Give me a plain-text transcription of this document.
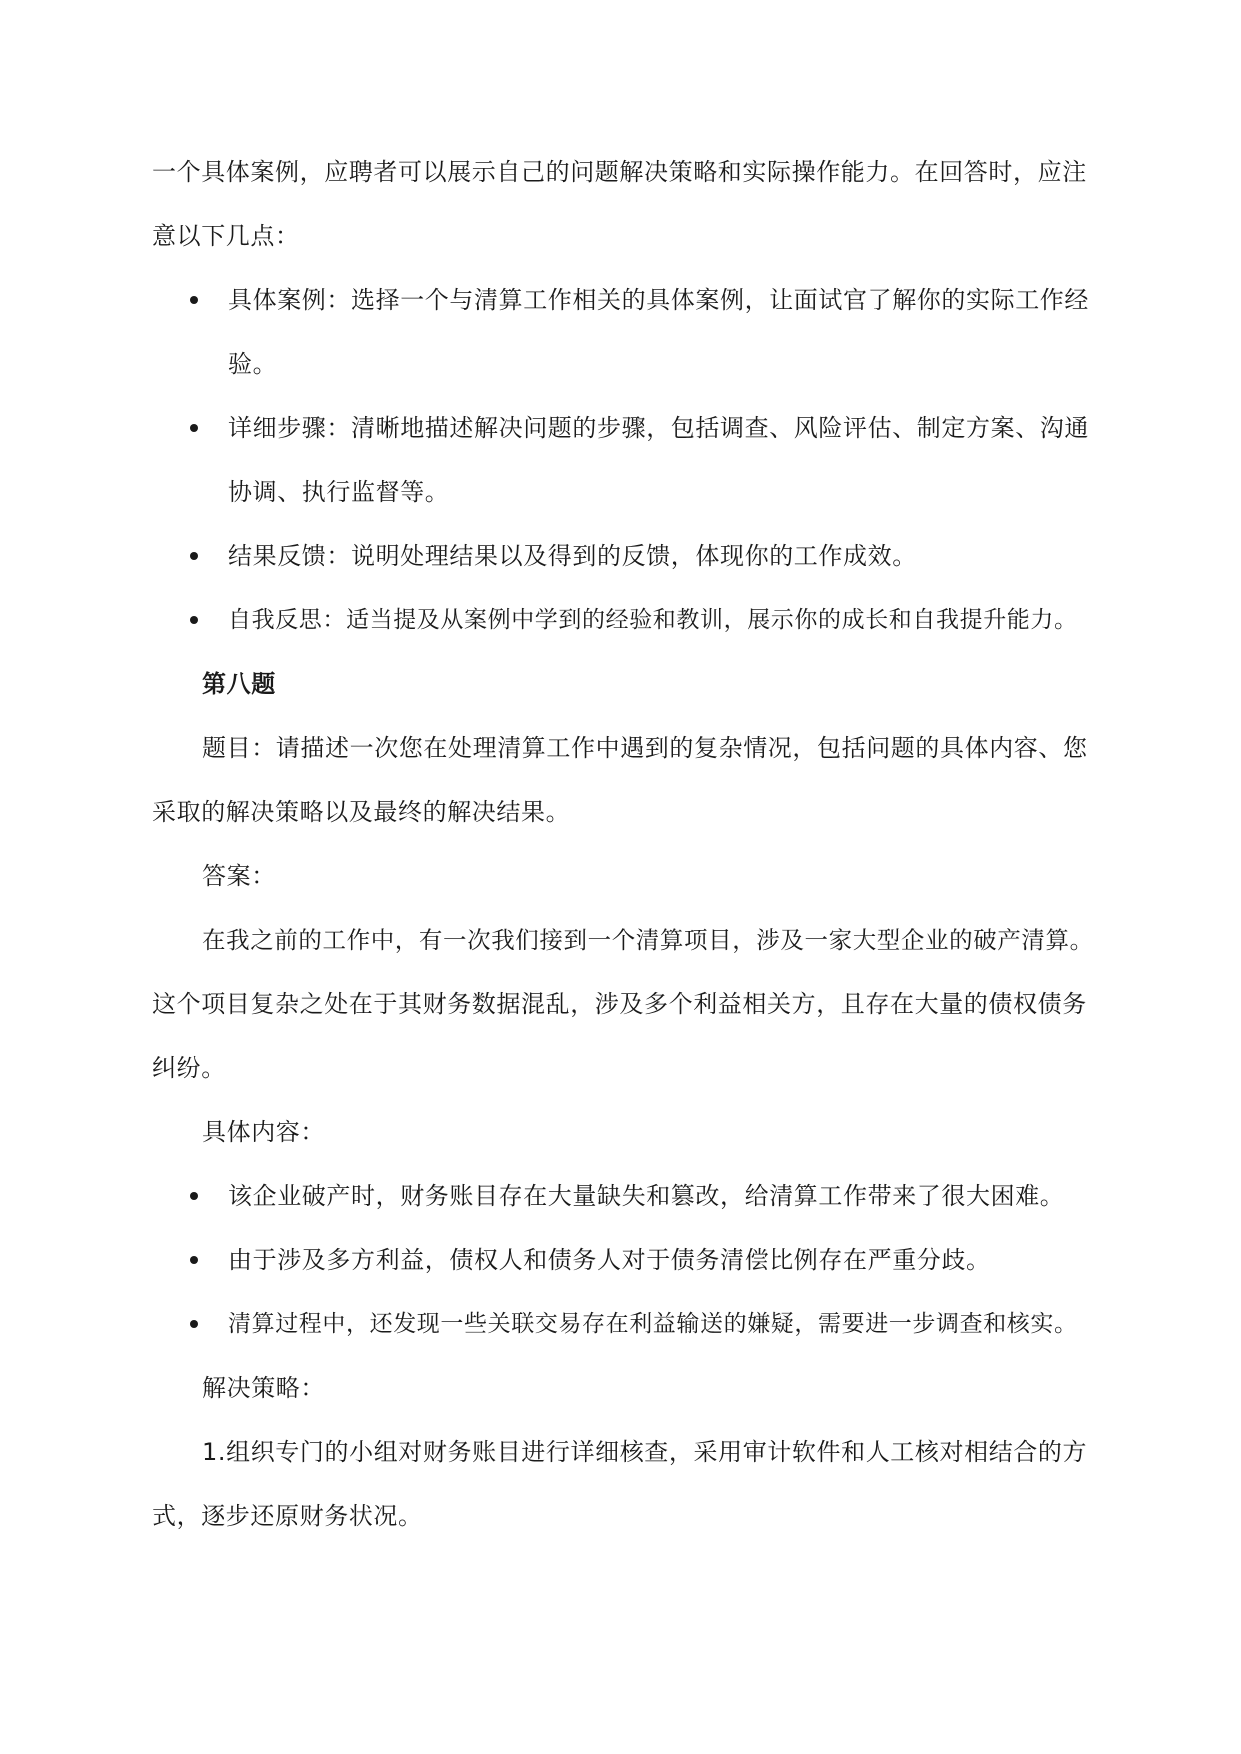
一个具体案例，应聘者可以展示自己的问题解决策略和实际操作能力。在回答时，应注
意以下几点：
具体案例：选择一个与清算工作相关的具体案例，让面试官了解你的实际工作经
验。
详细步骤：清晰地描述解决问题的步骤，包括调查、风险评估、制定方案、沟通
协调、执行监督等。
结果反馈：说明处理结果以及得到的反馈，体现你的工作成效。
自我反思：适当提及从案例中学到的经验和教训，展示你的成长和自我提升能力。
第八题
题目：请描述一次您在处理清算工作中遇到的复杂情况，包括问题的具体内容、您
采取的解决策略以及最终的解决结果。
答案：
在我之前的工作中，有一次我们接到一个清算项目，涉及一家大型企业的破产清算。
这个项目复杂之处在于其财务数据混乱，涉及多个利益相关方，且存在大量的债权债务
纠纷。
具体内容：
该企业破产时，财务账目存在大量缺失和篡改，给清算工作带来了很大困难。
由于涉及多方利益，债权人和债务人对于债务清偿比例存在严重分歧。
清算过程中，还发现一些关联交易存在利益输送的嫌疑，需要进一步调查和核实。
解决策略：
1.组织专门的小组对财务账目进行详细核查，采用审计软件和人工核对相结合的方
式，逐步还原财务状况。
